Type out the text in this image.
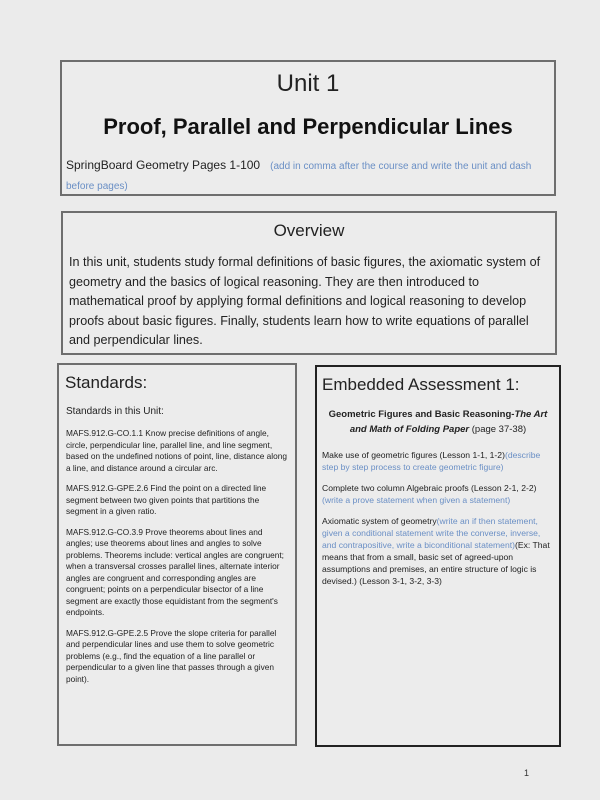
Unit 1
Proof, Parallel and Perpendicular Lines
SpringBoard Geometry Pages 1-100 (add in comma after the course and write the unit and dash before pages)
Overview
In this unit, students study formal definitions of basic figures, the axiomatic system of geometry and the basics of logical reasoning. They are then introduced to mathematical proof by applying formal definitions and logical reasoning to develop proofs about basic figures. Finally, students learn how to write equations of parallel and perpendicular lines.
Standards:
Standards in this Unit:

MAFS.912.G-CO.1.1 Know precise definitions of angle, circle, perpendicular line, parallel line, and line segment, based on the undefined notions of point, line, distance along a line, and distance around a circular arc.

MAFS.912.G-GPE.2.6 Find the point on a directed line segment between two given points that partitions the segment in a given ratio.

MAFS.912.G-CO.3.9 Prove theorems about lines and angles; use theorems about lines and angles to solve problems. Theorems include: vertical angles are congruent; when a transversal crosses parallel lines, alternate interior angles are congruent and corresponding angles are congruent; points on a perpendicular bisector of a line segment are exactly those equidistant from the segment's endpoints.

MAFS.912.G-GPE.2.5 Prove the slope criteria for parallel and perpendicular lines and use them to solve geometric problems (e.g., find the equation of a line parallel or perpendicular to a given line that passes through a given point).

Embedded Assessment 1:
Geometric Figures and Basic Reasoning-The Art and Math of Folding Paper (page 37-38)

Make use of geometric figures (Lesson 1-1, 1-2)(describe step by step process to create geometric figure)

Complete two column Algebraic proofs (Lesson 2-1, 2-2)(write a prove statement when given a statement)

Axiomatic system of geometry(write an if then statement, given a conditional statement write the converse, inverse, and contrapositive, write a biconditional statement)(Ex: That means that from a small, basic set of agreed-upon assumptions and premises, an entire structure of logic is devised.) (Lesson 3-1, 3-2, 3-3)

1
